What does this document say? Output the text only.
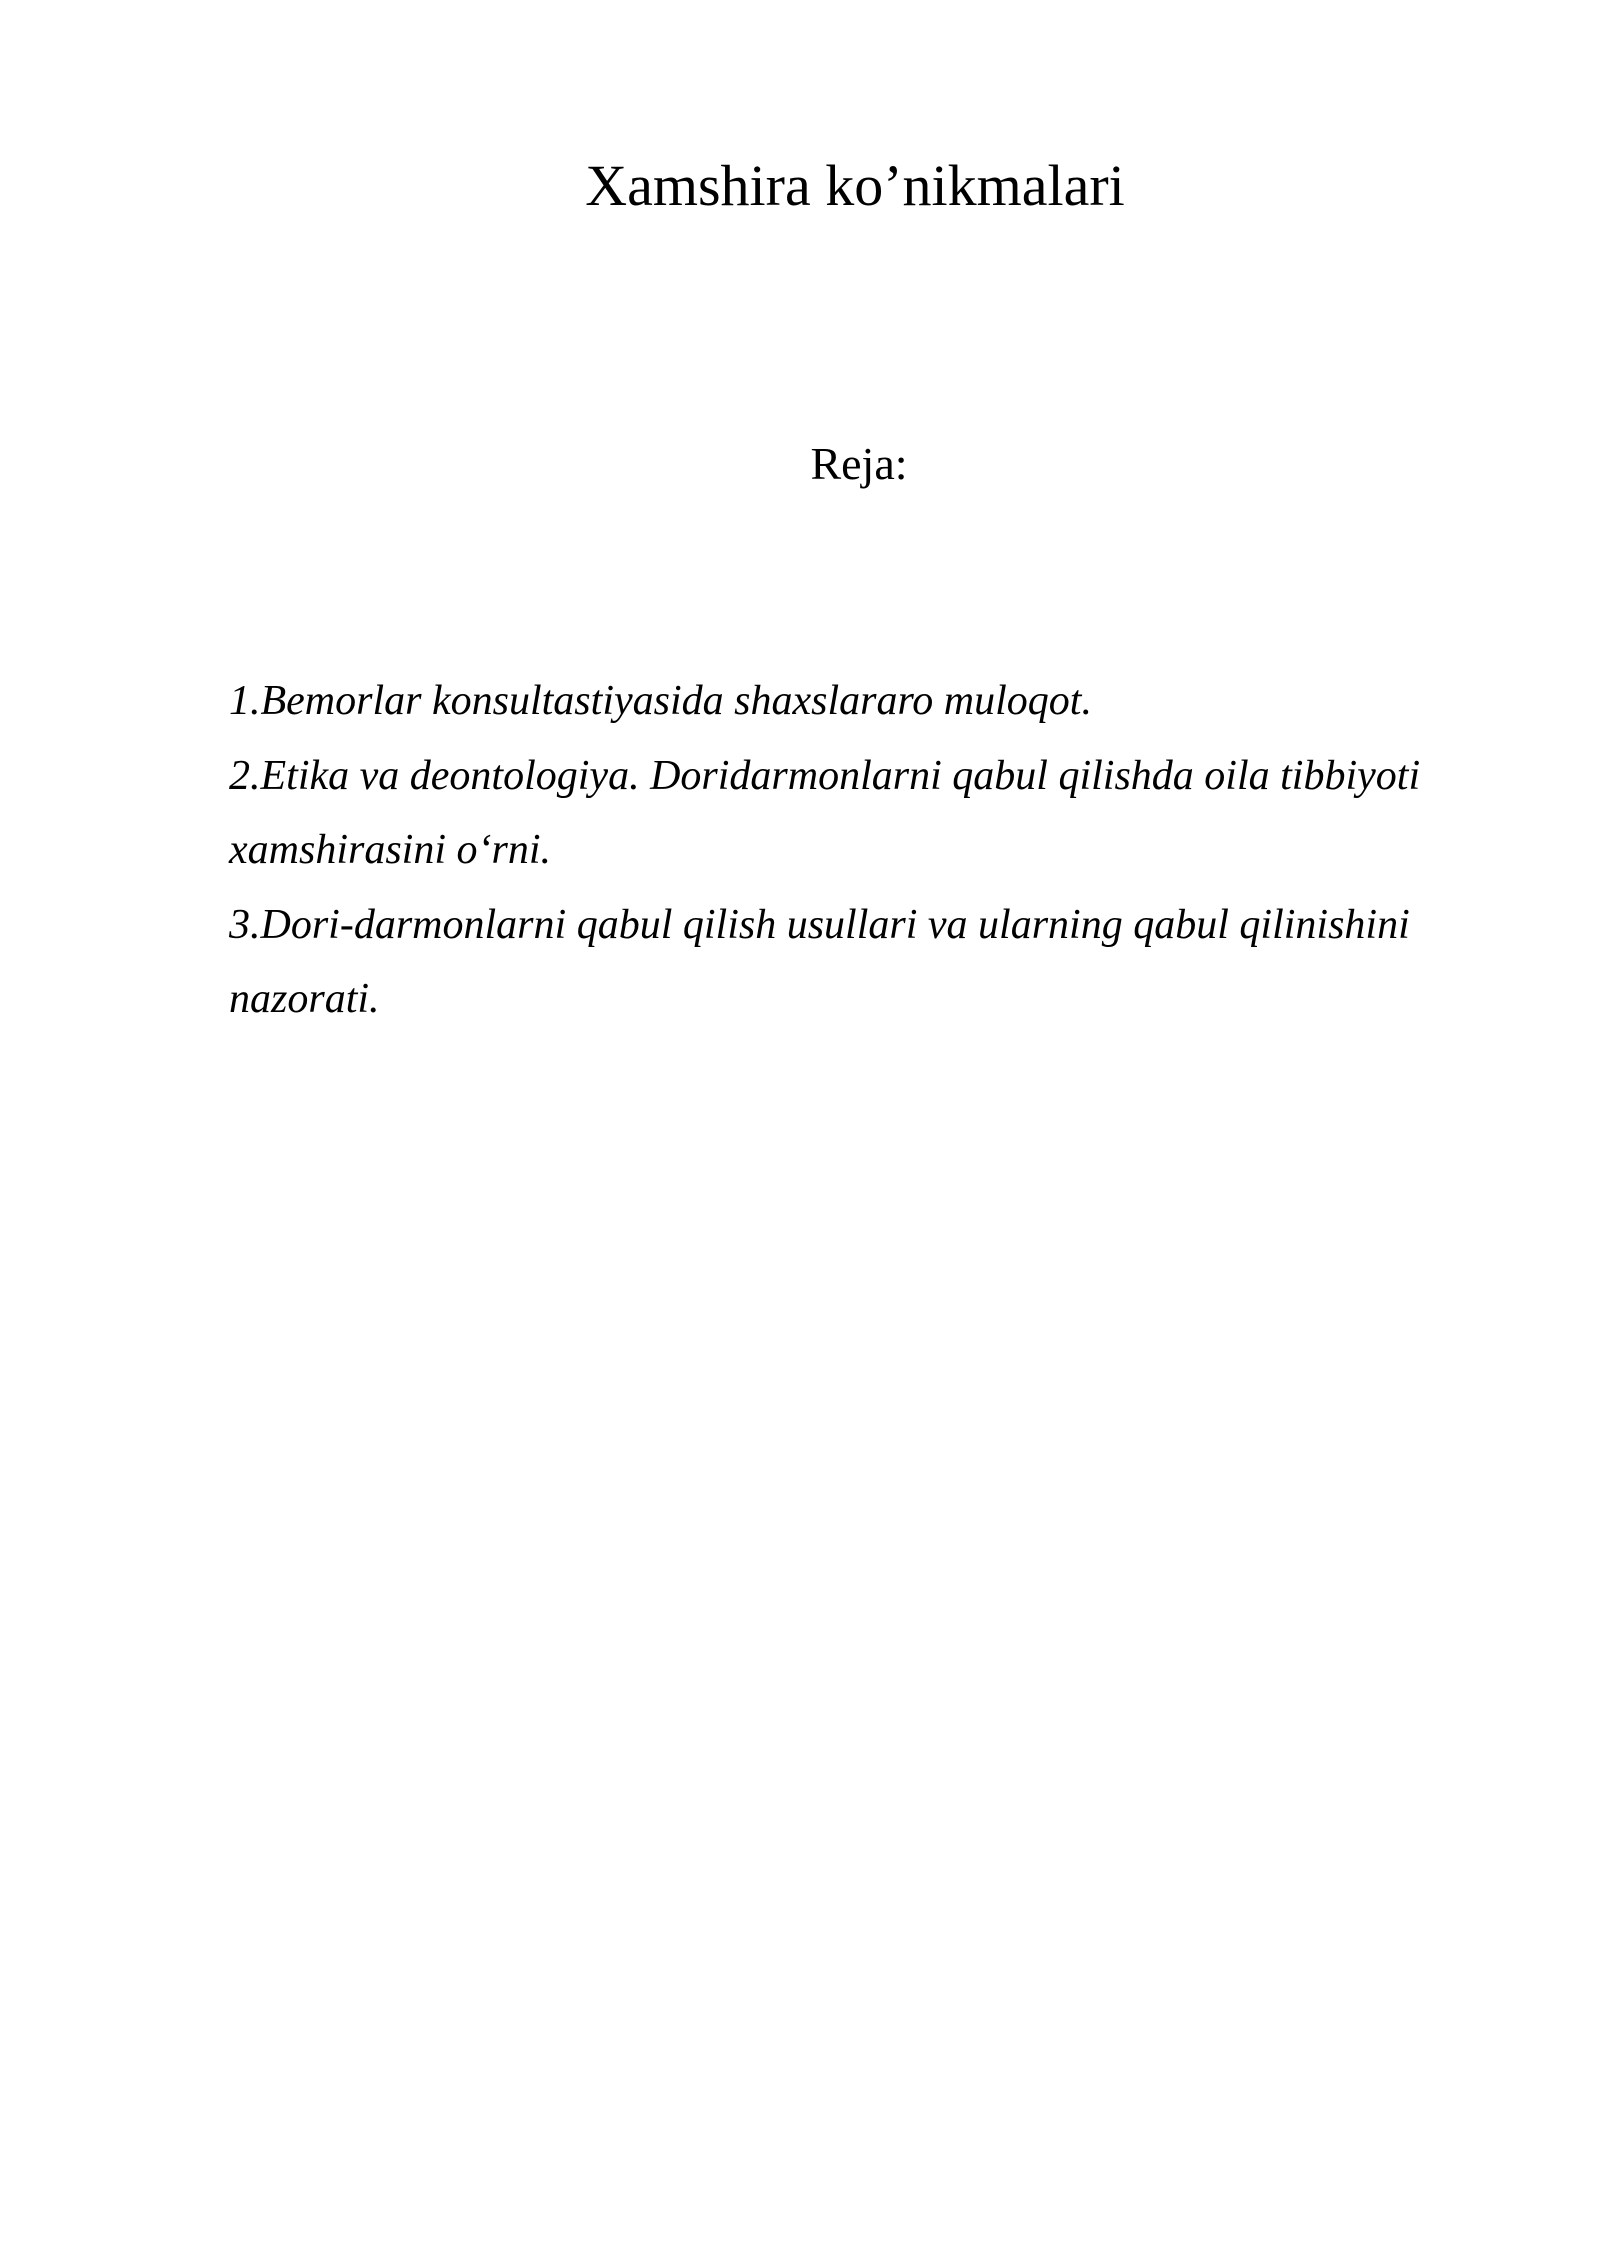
Xamshira ko’nikmalari
Reja:
1.Bemorlar konsultastiyasida shaxslararo muloqot.
2.Etika va deontologiya. Doridarmonlarni qabul qilishda oila tibbiyoti xamshirasini o‘rni.
3.Dori-darmonlarni qabul qilish usullari va ularning qabul qilinishini nazorati.
